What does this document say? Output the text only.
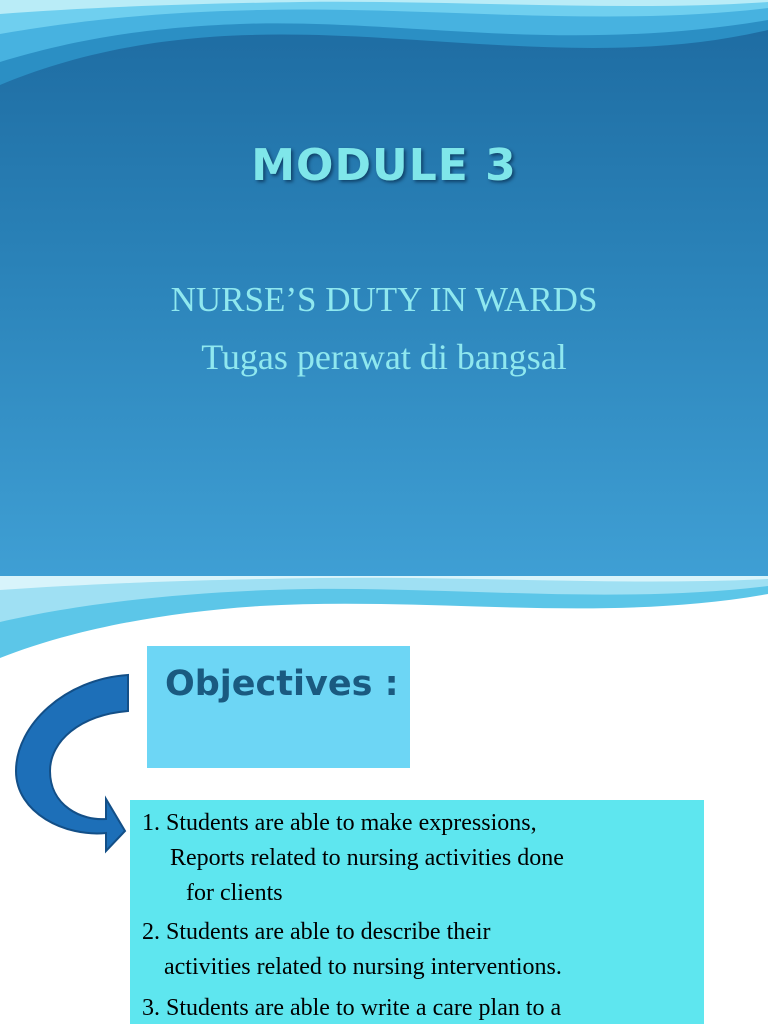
MODULE 3
NURSE’S DUTY IN WARDS
Tugas perawat di bangsal
Objectives :
1. Students are able to make expressions,
Reports related to nursing activities done
for clients
2. Students are able to describe their
activities related to nursing interventions.
3. Students are able to write a care plan to a
